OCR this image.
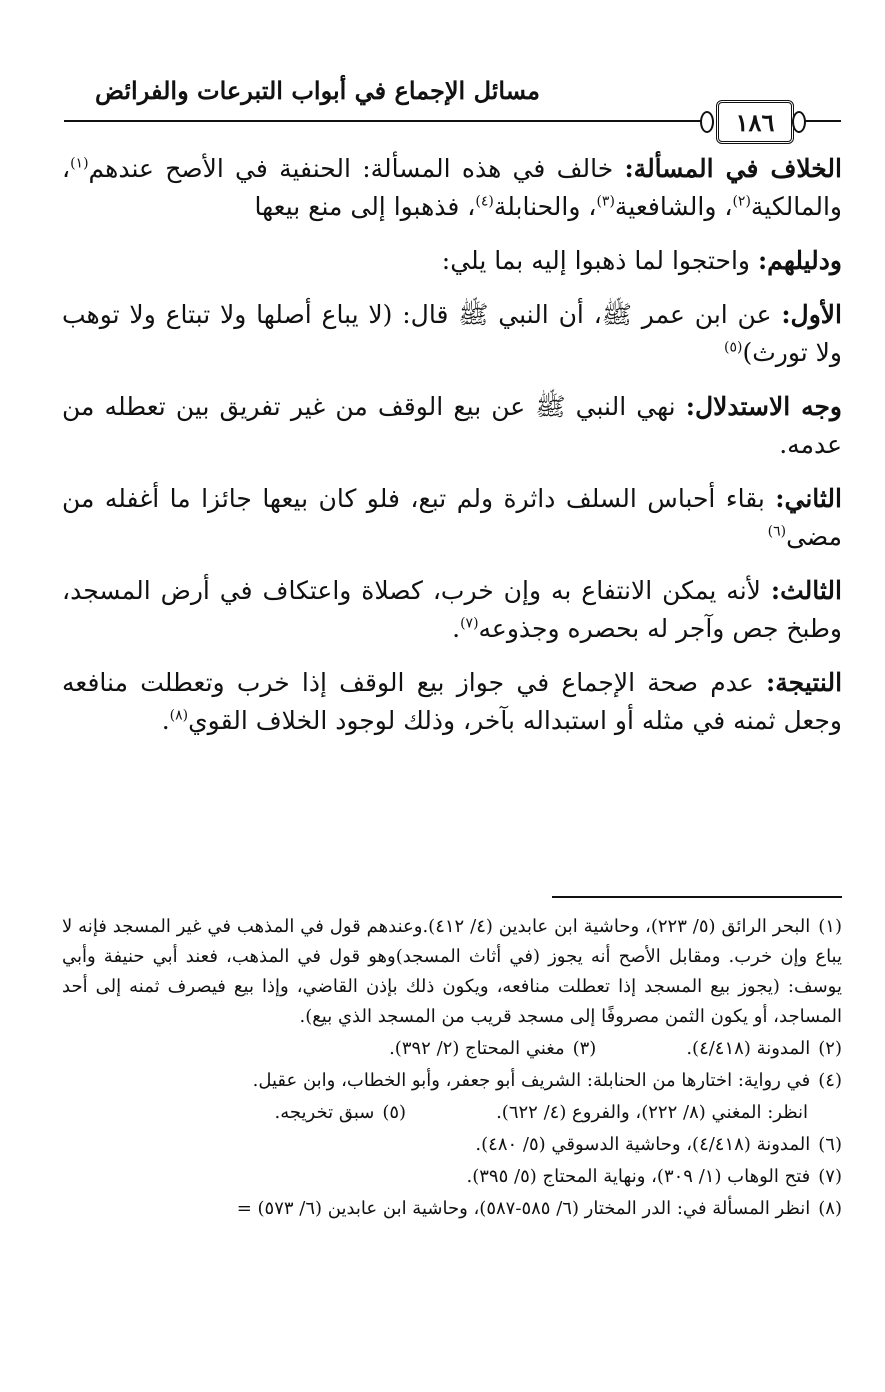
مسائل الإجماع في أبواب التبرعات والفرائض
١٨٦

الخلاف في المسألة: خالف في هذه المسألة: الحنفية في الأصح عندهم$^{(١)}$، والمالكية$^{(٢)}$، والشافعية$^{(٣)}$، والحنابلة$^{(٤)}$، فذهبوا إلى منع بيعها

ودليلهم: واحتجوا لما ذهبوا إليه بما يلي:

الأول: عن ابن عمر ﷺ، أن النبي ﷺ قال: (لا يباع أصلها ولا تبتاع ولا توهب ولا تورث)$^{(٥)}$

وجه الاستدلال: نهي النبي ﷺ عن بيع الوقف من غير تفريق بين تعطله من عدمه.

الثاني: بقاء أحباس السلف داثرة ولم تبع، فلو كان بيعها جائزا ما أغفله من مضى$^{(٦)}$

الثالث: لأنه يمكن الانتفاع به وإن خرب، كصلاة واعتكاف في أرض المسجد، وطبخ جص وآجر له بحصره وجذوعه$^{(٧)}$.

النتيجة: عدم صحة الإجماع في جواز بيع الوقف إذا خرب وتعطلت منافعه وجعل ثمنه في مثله أو استبداله بآخر، وذلك لوجود الخلاف القوي$^{(٨)}$.

(١)البحر الرائق (٥/ ٢٢٣)، وحاشية ابن عابدين (٤/ ٤١٢).وعندهم قول في المذهب في غير المسجد فإنه لا يباع وإن خرب. ومقابل الأصح أنه يجوز (في أثاث المسجد)وهو قول في المذهب، فعند أبي حنيفة وأبي يوسف: (يجوز بيع المسجد إذا تعطلت منافعه، ويكون ذلك بإذن القاضي، وإذا بيع فيصرف ثمنه إلى أحد المساجد، أو يكون الثمن مصروفًا إلى مسجد قريب من المسجد الذي بيع).

(٢)المدونة (٤/٤١٨).
(٣)مغني المحتاج (٢/ ٣٩٢).

(٤)في رواية: اختارها من الحنابلة: الشريف أبو جعفر، وأبو الخطاب، وابن عقيل.

انظر: المغني (٨/ ٢٢٢)، والفروع (٤/ ٦٢٢).
(٥)سبق تخريجه.

(٦)المدونة (٤/٤١٨)، وحاشية الدسوقي (٥/ ٤٨٠).

(٧)فتح الوهاب (١/ ٣٠٩)، ونهاية المحتاج (٥/ ٣٩٥).

(٨)انظر المسألة في: الدر المختار (٦/ ٥٨٥-٥٨٧)، وحاشية ابن عابدين (٦/ ٥٧٣) =
